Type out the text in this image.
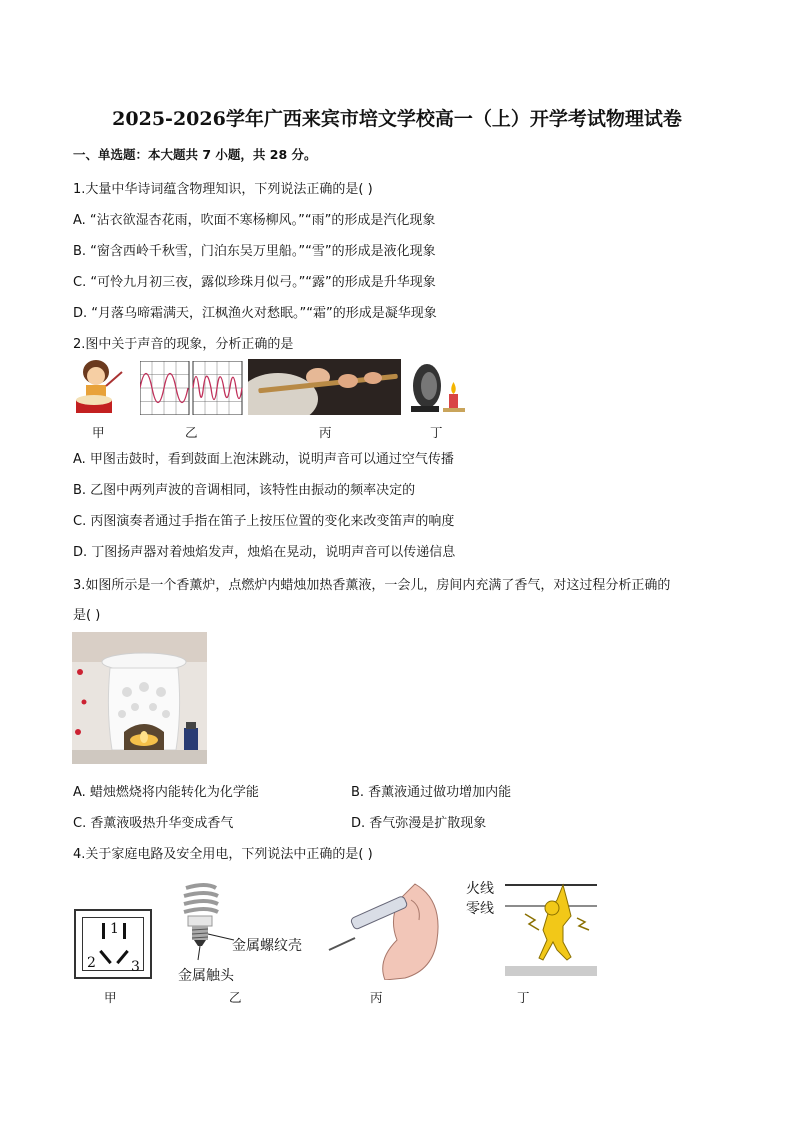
2025-2026学年广西来宾市培文学校高一（上）开学考试物理试卷
一、单选题：本大题共 7 小题，共 28 分。
1.大量中华诗词蕴含物理知识，下列说法正确的是( )
A. “沾衣欲湿杏花雨，吹面不寒杨柳风。”“雨”的形成是汽化现象
B. “窗含西岭千秋雪，门泊东吴万里船。”“雪”的形成是液化现象
C. “可怜九月初三夜，露似珍珠月似弓。”“露”的形成是升华现象
D. “月落乌啼霜满天，江枫渔火对愁眠。”“霜”的形成是凝华现象
2.图中关于声音的现象，分析正确的是
甲	乙	丙	丁
A. 甲图击鼓时，看到鼓面上泡沫跳动，说明声音可以通过空气传播
B. 乙图中两列声波的音调相同，该特性由振动的频率决定的
C. 丙图演奏者通过手指在笛子上按压位置的变化来改变笛声的响度
D. 丁图扬声器对着烛焰发声，烛焰在晃动，说明声音可以传递信息
3.如图所示是一个香薰炉，点燃炉内蜡烛加热香薰液，一会儿，房间内充满了香气，对这过程分析正确的
是( )
A. 蜡烛燃烧将内能转化为化学能	B. 香薰液通过做功增加内能
C. 香薰液吸热升华变成香气	D. 香气弥漫是扩散现象
4.关于家庭电路及安全用电，下列说法中正确的是( )
1
2	3
金属螺纹壳
金属触头
火线
零线
甲	乙	丙	丁
